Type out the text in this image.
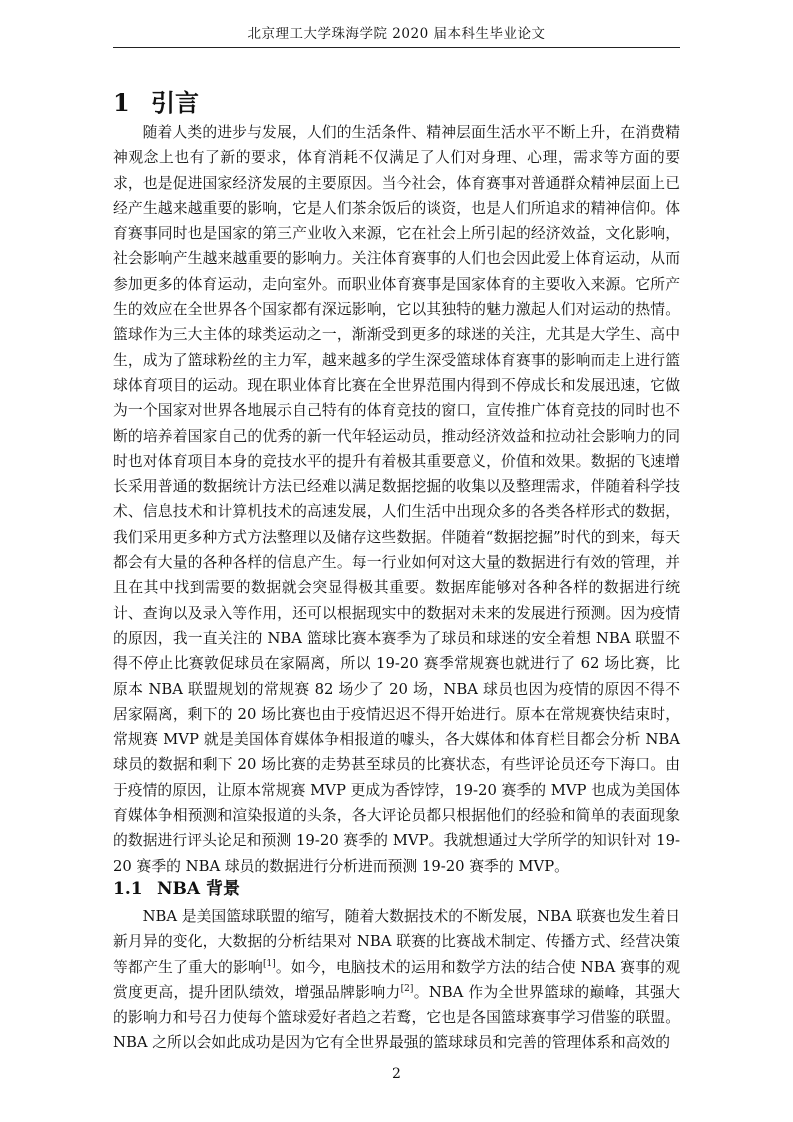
北京理工大学珠海学院 2020 届本科生毕业论文
1 引言

随着人类的进步与发展，人们的生活条件、精神层面生活水平不断上升，在消费精神观念上也有了新的要求，体育消耗不仅满足了人们对身理、心理，需求等方面的要求，也是促进国家经济发展的主要原因。当今社会，体育赛事对普通群众精神层面上已经产生越来越重要的影响，它是人们茶余饭后的谈资，也是人们所追求的精神信仰。体育赛事同时也是国家的第三产业收入来源，它在社会上所引起的经济效益，文化影响，社会影响产生越来越重要的影响力。关注体育赛事的人们也会因此爱上体育运动，从而参加更多的体育运动，走向室外。而职业体育赛事是国家体育的主要收入来源。它所产生的效应在全世界各个国家都有深远影响，它以其独特的魅力激起人们对运动的热情。篮球作为三大主体的球类运动之一，渐渐受到更多的球迷的关注，尤其是大学生、高中生，成为了篮球粉丝的主力军，越来越多的学生深受篮球体育赛事的影响而走上进行篮球体育项目的运动。现在职业体育比赛在全世界范围内得到不停成长和发展迅速，它做为一个国家对世界各地展示自己特有的体育竞技的窗口，宣传推广体育竞技的同时也不断的培养着国家自己的优秀的新一代年轻运动员，推动经济效益和拉动社会影响力的同时也对体育项目本身的竞技水平的提升有着极其重要意义，价值和效果。数据的飞速增长采用普通的数据统计方法已经难以满足数据挖掘的收集以及整理需求，伴随着科学技术、信息技术和计算机技术的高速发展，人们生活中出现众多的各类各样形式的数据，我们采用更多种方式方法整理以及储存这些数据。伴随着“数据挖掘”时代的到来，每天都会有大量的各种各样的信息产生。每一行业如何对这大量的数据进行有效的管理，并且在其中找到需要的数据就会突显得极其重要。数据库能够对各种各样的数据进行统计、查询以及录入等作用，还可以根据现实中的数据对未来的发展进行预测。因为疫情的原因，我一直关注的 NBA 篮球比赛本赛季为了球员和球迷的安全着想 NBA 联盟不得不停止比赛敦促球员在家隔离，所以 19-20 赛季常规赛也就进行了 62 场比赛，比原本 NBA 联盟规划的常规赛 82 场少了 20 场，NBA 球员也因为疫情的原因不得不居家隔离，剩下的 20 场比赛也由于疫情迟迟不得开始进行。原本在常规赛快结束时，常规赛 MVP 就是美国体育媒体争相报道的噱头，各大媒体和体育栏目都会分析 NBA 球员的数据和剩下 20 场比赛的走势甚至球员的比赛状态，有些评论员还夸下海口。由于疫情的原因，让原本常规赛 MVP 更成为香饽饽，19-20 赛季的 MVP 也成为美国体育媒体争相预测和渲染报道的头条，各大评论员都只根据他们的经验和简单的表面现象的数据进行评头论足和预测 19-20 赛季的 MVP。我就想通过大学所学的知识针对 19-20 赛季的 NBA 球员的数据进行分析进而预测 19-20 赛季的 MVP。

1.1 NBA 背景

NBA 是美国篮球联盟的缩写，随着大数据技术的不断发展，NBA 联赛也发生着日新月异的变化，大数据的分析结果对 NBA 联赛的比赛战术制定、传播方式、经营决策等都产生了重大的影响[1]。如今，电脑技术的运用和数学方法的结合使 NBA 赛事的观赏度更高，提升团队绩效，增强品牌影响力[2]。NBA 作为全世界篮球的巅峰，其强大的影响力和号召力使每个篮球爱好者趋之若鹜，它也是各国篮球赛事学习借鉴的联盟。NBA 之所以会如此成功是因为它有全世界最强的篮球球员和完善的管理体系和高效的

2
